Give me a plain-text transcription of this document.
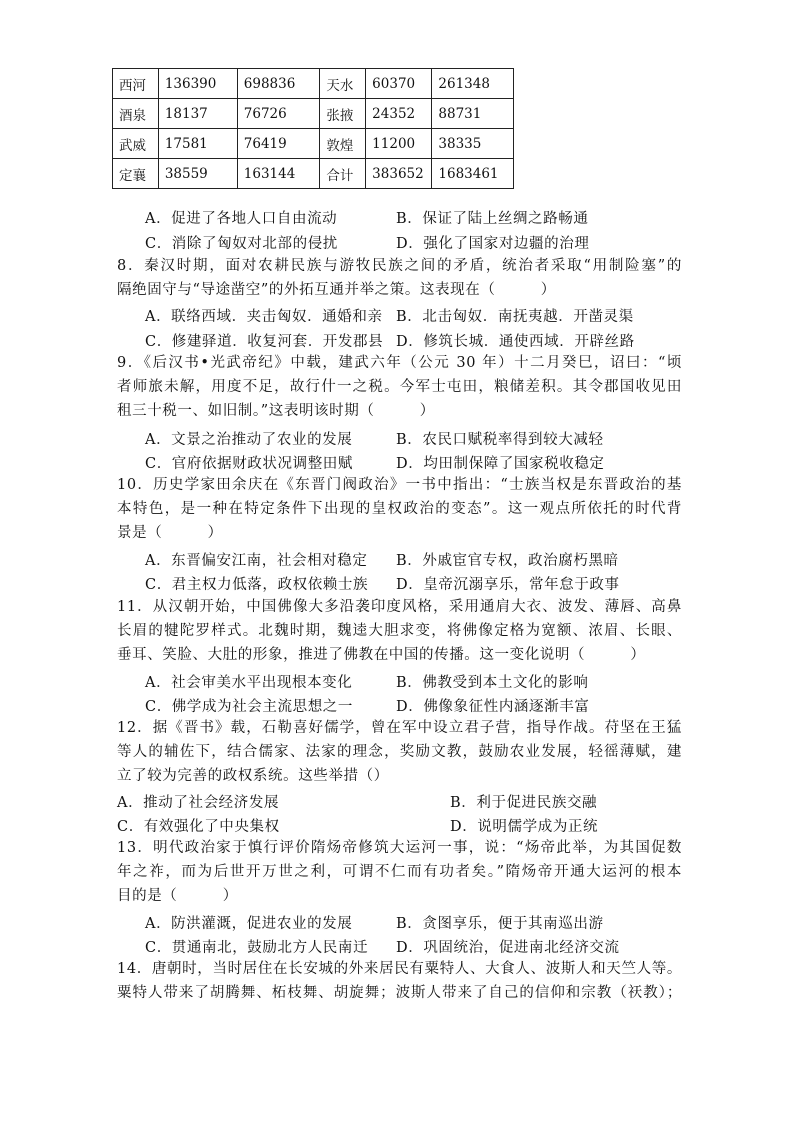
西河	136390	698836	天水	60370	261348
酒泉	18137	76726	张掖	24352	88731
武威	17581	76419	敦煌	11200	38335
定襄	38559	163144	合计	383652	1683461
A．促进了各地人口自由流动	B．保证了陆上丝绸之路畅通
C．消除了匈奴对北部的侵扰	D．强化了国家对边疆的治理
8．秦汉时期，面对农耕民族与游牧民族之间的矛盾，统治者采取“用制险塞”的
隔绝固守与“导途凿空”的外拓互通并举之策。这表现在（　　　）
A．联络西域．夹击匈奴．通婚和亲 B．北击匈奴．南抚夷越．开凿灵渠
C．修建驿道．收复河套．开发郡县 D．修筑长城．通使西域．开辟丝路
9．《后汉书•光武帝纪》中载，建武六年（公元 30 年）十二月癸巳，诏曰：“顷
者师旅未解，用度不足，故行什一之税。今军士屯田，粮储差积。其令郡国收见田
租三十税一、如旧制。”这表明该时期（　　　）
A．文景之治推动了农业的发展	B．农民口赋税率得到较大减轻
C．官府依据财政状况调整田赋	D．均田制保障了国家税收稳定
10．历史学家田余庆在《东晋门阀政治》一书中指出：“士族当权是东晋政治的基
本特色，是一种在特定条件下出现的皇权政治的变态”。这一观点所依托的时代背
景是（　　　）
A．东晋偏安江南，社会相对稳定 B．外戚宦官专权，政治腐朽黑暗
C．君主权力低落，政权依赖士族 D．皇帝沉溺享乐，常年怠于政事
11．从汉朝开始，中国佛像大多沿袭印度风格，采用通肩大衣、波发、薄唇、高鼻
长眉的犍陀罗样式。北魏时期，魏逵大胆求变，将佛像定格为宽额、浓眉、长眼、
垂耳、笑脸、大肚的形象，推进了佛教在中国的传播。这一变化说明（　　　）
A．社会审美水平出现根本变化	B．佛教受到本土文化的影响
C．佛学成为社会主流思想之一	D．佛像象征性内涵逐渐丰富
12．据《晋书》载，石勒喜好儒学，曾在军中设立君子营，指导作战。苻坚在王猛
等人的辅佐下，结合儒家、法家的理念，奖励文教，鼓励农业发展，轻徭薄赋，建
立了较为完善的政权系统。这些举措（）
A．推动了社会经济发展	B．利于促进民族交融
C．有效强化了中央集权	D．说明儒学成为正统
13．明代政治家于慎行评价隋炀帝修筑大运河一事，说：“炀帝此举，为其国促数
年之祚，而为后世开万世之利，可谓不仁而有功者矣。”隋炀帝开通大运河的根本
目的是（　　　）
A．防洪灌溉，促进农业的发展	B．贪图享乐，便于其南巡出游
C．贯通南北，鼓励北方人民南迁 D．巩固统治，促进南北经济交流
14．唐朝时，当时居住在长安城的外来居民有粟特人、大食人、波斯人和天竺人等。
粟特人带来了胡腾舞、柘枝舞、胡旋舞；波斯人带来了自己的信仰和宗教（祆教）；
